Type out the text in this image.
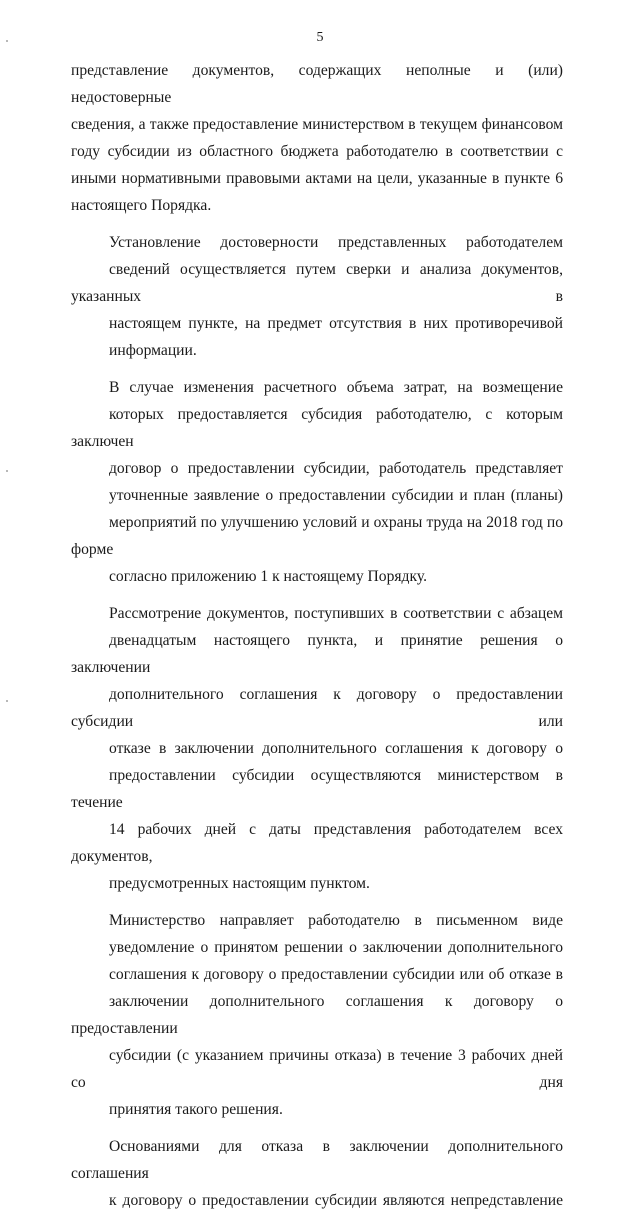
5
представление документов, содержащих неполные и (или) недостоверные
сведения, а также предоставление министерством в текущем финансовом
году субсидии из областного бюджета работодателю в соответствии с
иными нормативными правовыми актами на цели, указанные в пункте 6
настоящего Порядка.
Установление достоверности представленных работодателем
сведений осуществляется путем сверки и анализа документов, указанных в
настоящем пункте, на предмет отсутствия в них противоречивой
информации.
В случае изменения расчетного объема затрат, на возмещение
которых предоставляется субсидия работодателю, с которым заключен
договор о предоставлении субсидии, работодатель представляет
уточненные заявление о предоставлении субсидии и план (планы)
мероприятий по улучшению условий и охраны труда на 2018 год по форме
согласно приложению 1 к настоящему Порядку.
Рассмотрение документов, поступивших в соответствии с абзацем
двенадцатым настоящего пункта, и принятие решения о заключении
дополнительного соглашения к договору о предоставлении субсидии или
отказе в заключении дополнительного соглашения к договору о
предоставлении субсидии осуществляются министерством в течение
14 рабочих дней с даты представления работодателем всех документов,
предусмотренных настоящим пунктом.
Министерство направляет работодателю в письменном виде
уведомление о принятом решении о заключении дополнительного
соглашения к договору о предоставлении субсидии или об отказе в
заключении дополнительного соглашения к договору о предоставлении
субсидии (с указанием причины отказа) в течение 3 рабочих дней со дня
принятия такого решения.
Основаниями для отказа в заключении дополнительного соглашения
к договору о предоставлении субсидии являются непредставление
